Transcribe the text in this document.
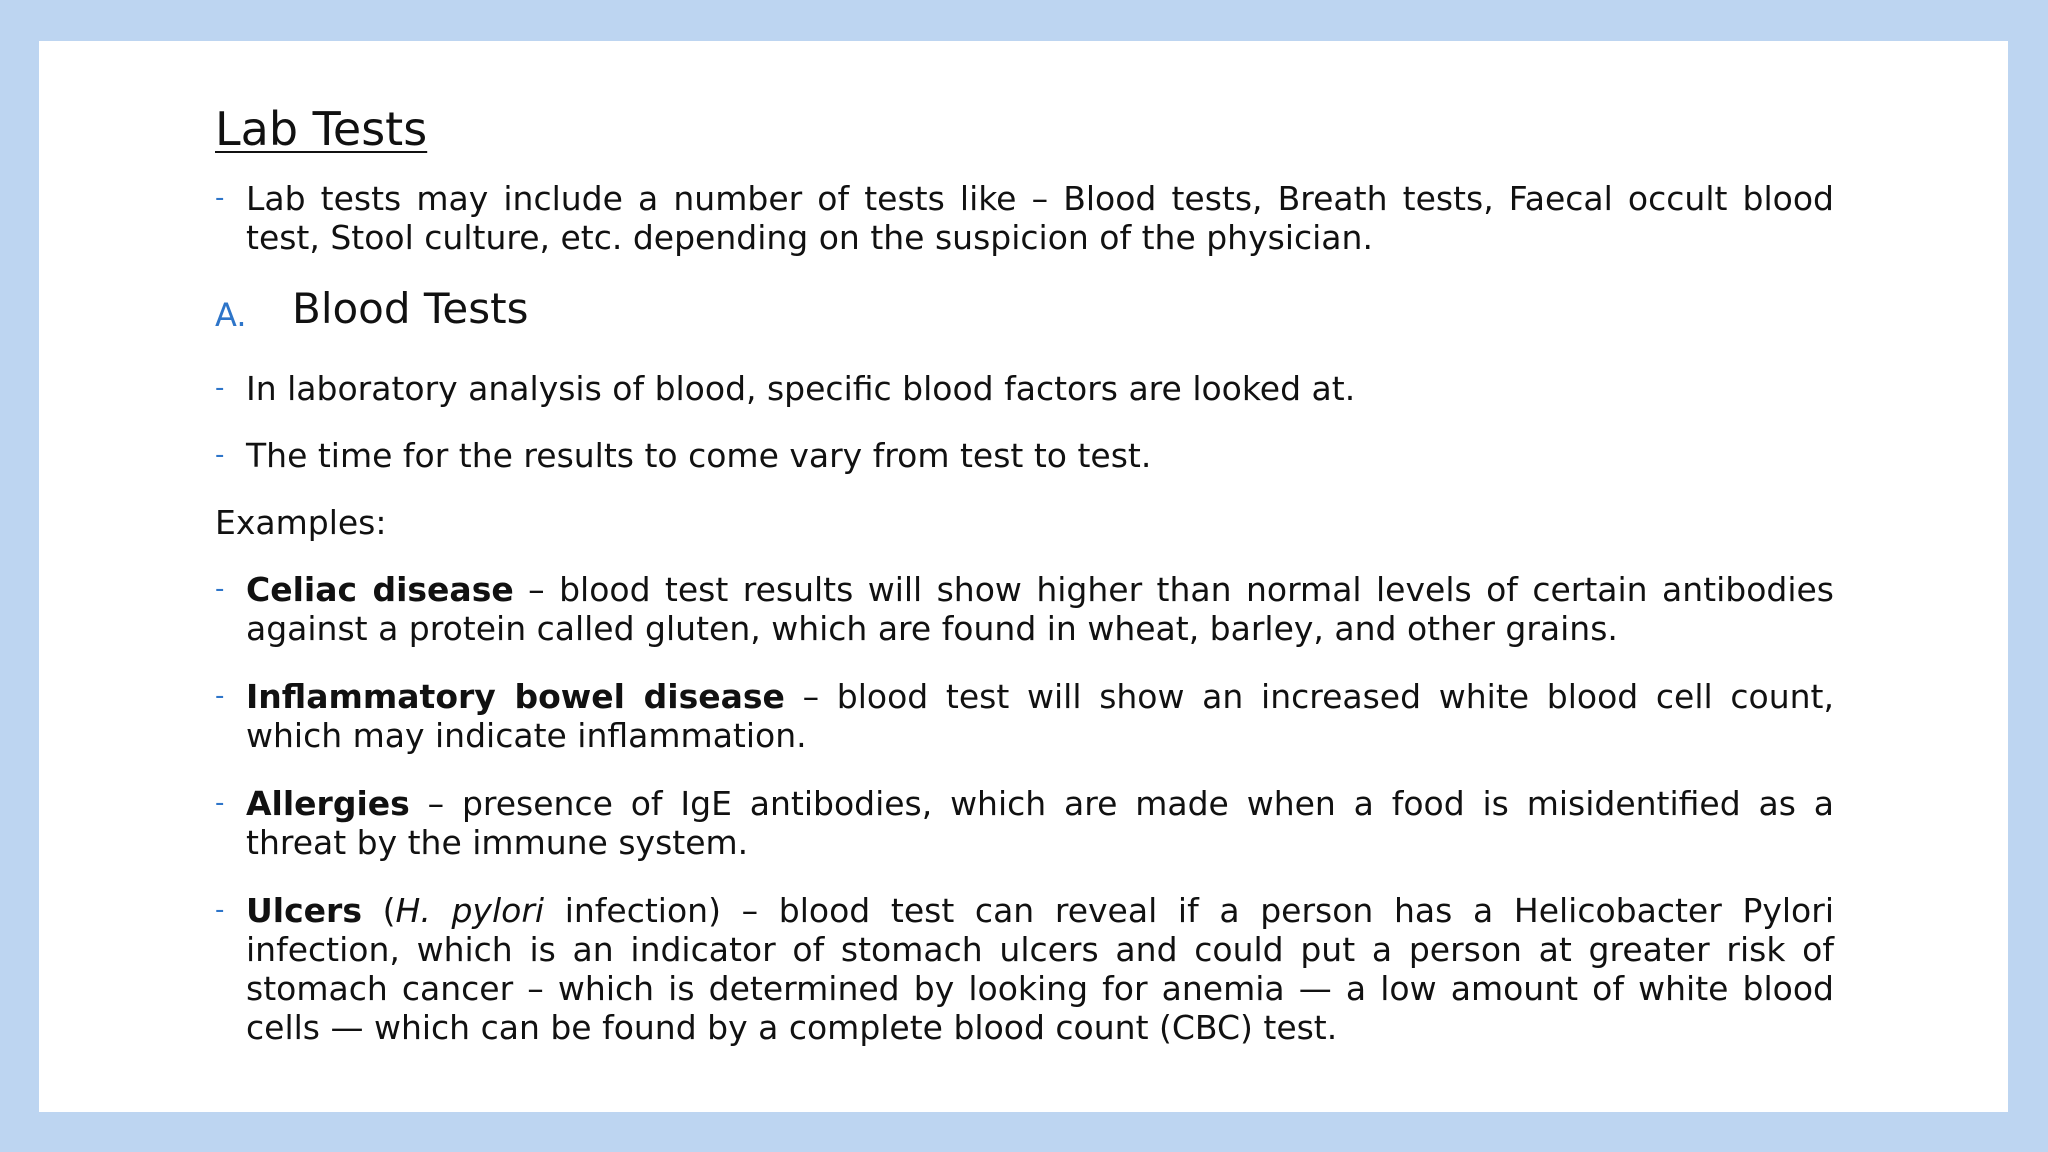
Lab Tests

- Lab tests may include a number of tests like – Blood tests, Breath tests, Faecal occult blood test, Stool culture, etc. depending on the suspicion of the physician.

A. Blood Tests

- In laboratory analysis of blood, specific blood factors are looked at.

- The time for the results to come vary from test to test.

Examples:

- Celiac disease – blood test results will show higher than normal levels of certain antibodies against a protein called gluten, which are found in wheat, barley, and other grains.

- Inflammatory bowel disease – blood test will show an increased white blood cell count, which may indicate inflammation.

- Allergies – presence of IgE antibodies, which are made when a food is misidentified as a threat by the immune system.

- Ulcers (H. pylori infection) – blood test can reveal if a person has a Helicobacter Pylori infection, which is an indicator of stomach ulcers and could put a person at greater risk of stomach cancer – which is determined by looking for anemia — a low amount of white blood cells — which can be found by a complete blood count (CBC) test.
